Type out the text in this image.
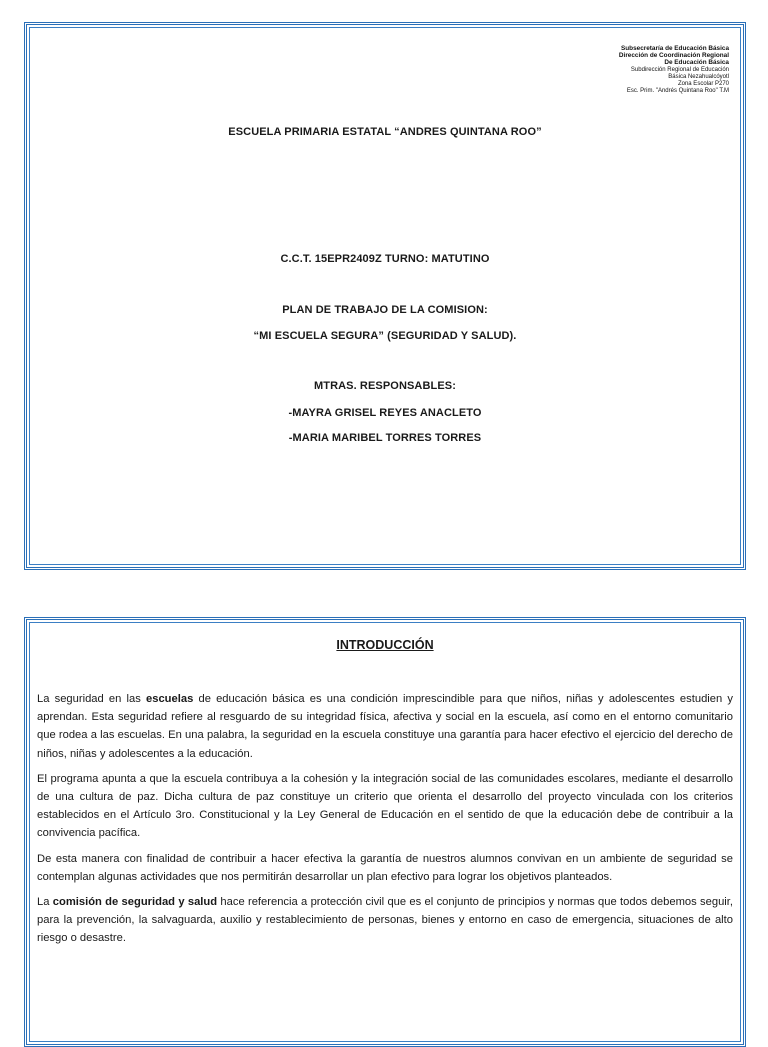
Subsecretaría de Educación Básica
Dirección de Coordinación Regional
De Educación Básica
Subdirección Regional de Educación
Básica Nezahualcóyotl
Zona Escolar P270
Esc. Prim. "Andrés Quintana Roo" T.M
ESCUELA PRIMARIA ESTATAL “ANDRES QUINTANA ROO”
C.C.T. 15EPR2409Z TURNO: MATUTINO
PLAN DE TRABAJO DE LA COMISION:
“MI ESCUELA SEGURA” (SEGURIDAD Y SALUD).
MTRAS. RESPONSABLES:
-MAYRA GRISEL REYES ANACLETO
-MARIA MARIBEL TORRES TORRES
INTRODUCCIÓN

La seguridad en las escuelas de educación básica es una condición imprescindible para que niños, niñas y adolescentes estudien y aprendan. Esta seguridad refiere al resguardo de su integridad física, afectiva y social en la escuela, así como en el entorno comunitario que rodea a las escuelas. En una palabra, la seguridad en la escuela constituye una garantía para hacer efectivo el ejercicio del derecho de niños, niñas y adolescentes a la educación.

El programa apunta a que la escuela contribuya a la cohesión y la integración social de las comunidades escolares, mediante el desarrollo de una cultura de paz. Dicha cultura de paz constituye un criterio que orienta el desarrollo del proyecto vinculada con los criterios establecidos en el Artículo 3ro. Constitucional y la Ley General de Educación en el sentido de que la educación debe de contribuir a la convivencia pacífica.

De esta manera con finalidad de contribuir a hacer efectiva la garantía de nuestros alumnos convivan en un ambiente de seguridad se contemplan algunas actividades que nos permitirán desarrollar un plan efectivo para lograr los objetivos planteados.

La comisión de seguridad y salud hace referencia a protección civil que es el conjunto de principios y normas que todos debemos seguir, para la prevención, la salvaguarda, auxilio y restablecimiento de personas, bienes y entorno en caso de emergencia, situaciones de alto riesgo o desastre.
